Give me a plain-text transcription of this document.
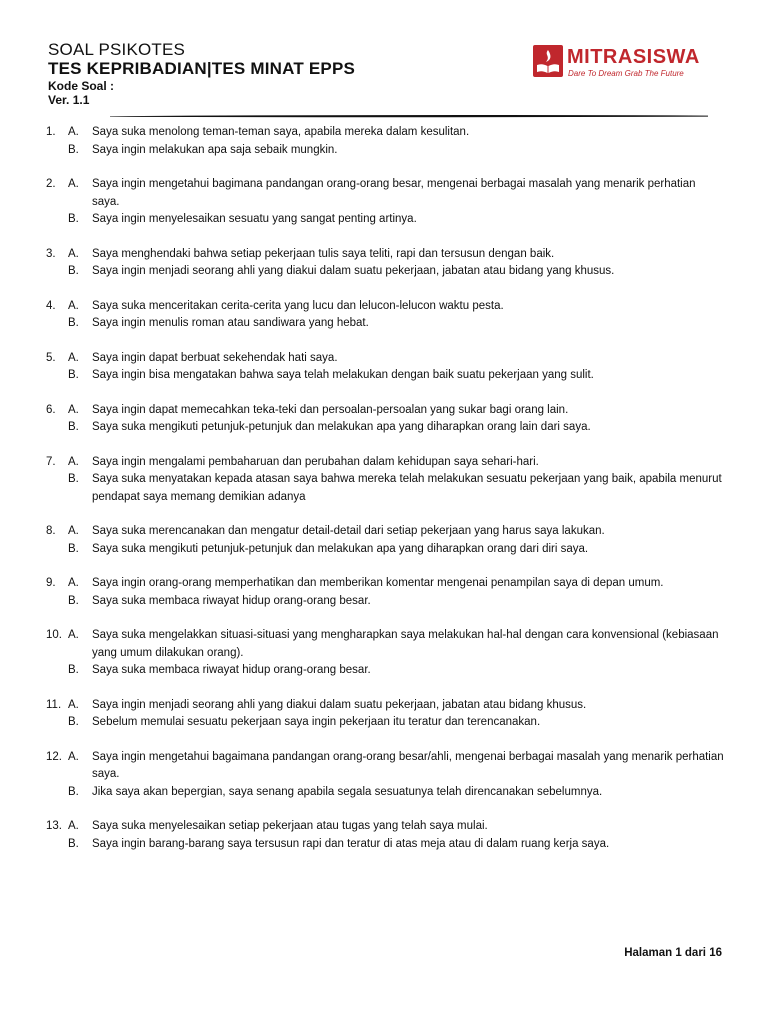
SOAL PSIKOTES
TES KEPRIBADIAN|TES MINAT EPPS
Kode Soal :
Ver. 1.1
MITRASISWA
Dare To Dream Grab The Future
1.	A.	Saya suka menolong teman-teman saya, apabila mereka dalam kesulitan.
B.	Saya ingin melakukan apa saja sebaik mungkin.
2.	A.	Saya ingin mengetahui bagimana pandangan orang-orang besar, mengenai berbagai masalah yang menarik perhatian saya.
B.	Saya ingin menyelesaikan sesuatu yang sangat penting artinya.
3.	A.	Saya menghendaki bahwa setiap pekerjaan tulis saya teliti, rapi dan tersusun dengan baik.
B.	Saya ingin menjadi seorang ahli yang diakui dalam suatu pekerjaan, jabatan atau bidang yang khusus.
4.	A.	Saya suka menceritakan cerita-cerita yang lucu dan lelucon-lelucon waktu pesta.
B.	Saya ingin menulis roman atau sandiwara yang hebat.
5.	A.	Saya ingin dapat berbuat sekehendak hati saya.
B.	Saya ingin bisa mengatakan bahwa saya telah melakukan dengan baik suatu pekerjaan yang sulit.
6.	A.	Saya ingin dapat memecahkan teka-teki dan persoalan-persoalan yang sukar bagi orang lain.
B.	Saya suka mengikuti petunjuk-petunjuk dan melakukan apa yang diharapkan orang lain dari saya.
7.	A.	Saya ingin mengalami pembaharuan dan perubahan dalam kehidupan saya sehari-hari.
B.	Saya suka menyatakan kepada atasan saya bahwa mereka telah melakukan sesuatu pekerjaan yang baik, apabila menurut pendapat saya memang demikian adanya
8.	A.	Saya suka merencanakan dan mengatur detail-detail dari setiap pekerjaan yang harus saya lakukan.
B.	Saya suka mengikuti petunjuk-petunjuk dan melakukan apa yang diharapkan orang dari diri saya.
9.	A.	Saya ingin orang-orang memperhatikan dan memberikan komentar mengenai penampilan saya di depan umum.
B.	Saya suka membaca riwayat hidup orang-orang besar.
10. A.	Saya suka mengelakkan situasi-situasi yang mengharapkan saya melakukan hal-hal dengan cara konvensional (kebiasaan yang umum dilakukan orang).
B.	Saya suka membaca riwayat hidup orang-orang besar.
11. A.	Saya ingin menjadi seorang ahli yang diakui dalam suatu pekerjaan, jabatan atau bidang khusus.
B.	Sebelum memulai sesuatu pekerjaan saya ingin pekerjaan itu teratur dan terencanakan.
12. A.	Saya ingin mengetahui bagaimana pandangan orang-orang besar/ahli, mengenai berbagai masalah yang menarik perhatian saya.
B.	Jika saya akan bepergian, saya senang apabila segala sesuatunya telah direncanakan sebelumnya.
13. A.	Saya suka menyelesaikan setiap pekerjaan atau tugas yang telah saya mulai.
B.	Saya ingin barang-barang saya tersusun rapi dan teratur di atas meja atau di dalam ruang kerja saya.
Halaman 1 dari 16
